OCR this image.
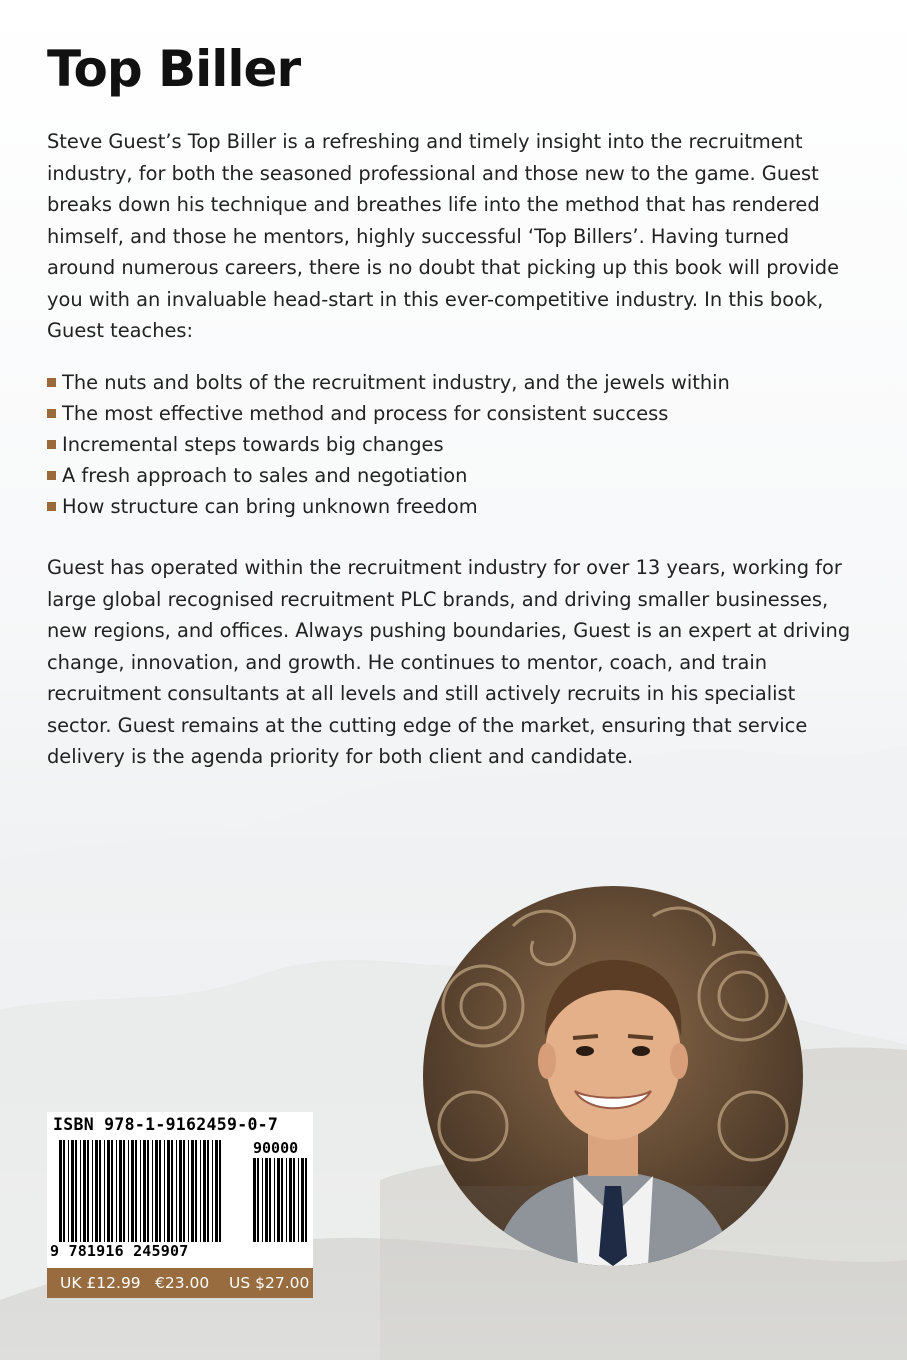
Top Biller

Steve Guest’s Top Biller is a refreshing and timely insight into the recruitment industry, for both the seasoned professional and those new to the game. Guest breaks down his technique and breathes life into the method that has rendered himself, and those he mentors, highly successful ‘Top Billers’. Having turned around numerous careers, there is no doubt that picking up this book will provide you with an invaluable head-start in this ever-competitive industry. In this book, Guest teaches:

The nuts and bolts of the recruitment industry, and the jewels within
The most effective method and process for consistent success
Incremental steps towards big changes
A fresh approach to sales and negotiation
How structure can bring unknown freedom

Guest has operated within the recruitment industry for over 13 years, working for large global recognised recruitment PLC brands, and driving smaller businesses, new regions, and offices. Always pushing boundaries, Guest is an expert at driving change, innovation, and growth. He continues to mentor, coach, and train recruitment consultants at all levels and still actively recruits in his specialist sector. Guest remains at the cutting edge of the market, ensuring that service delivery is the agenda priority for both client and candidate.

ISBN 978-1-9162459-0-7

90000
9 781916 245907
UK £12.99 €23.00 US $27.00
